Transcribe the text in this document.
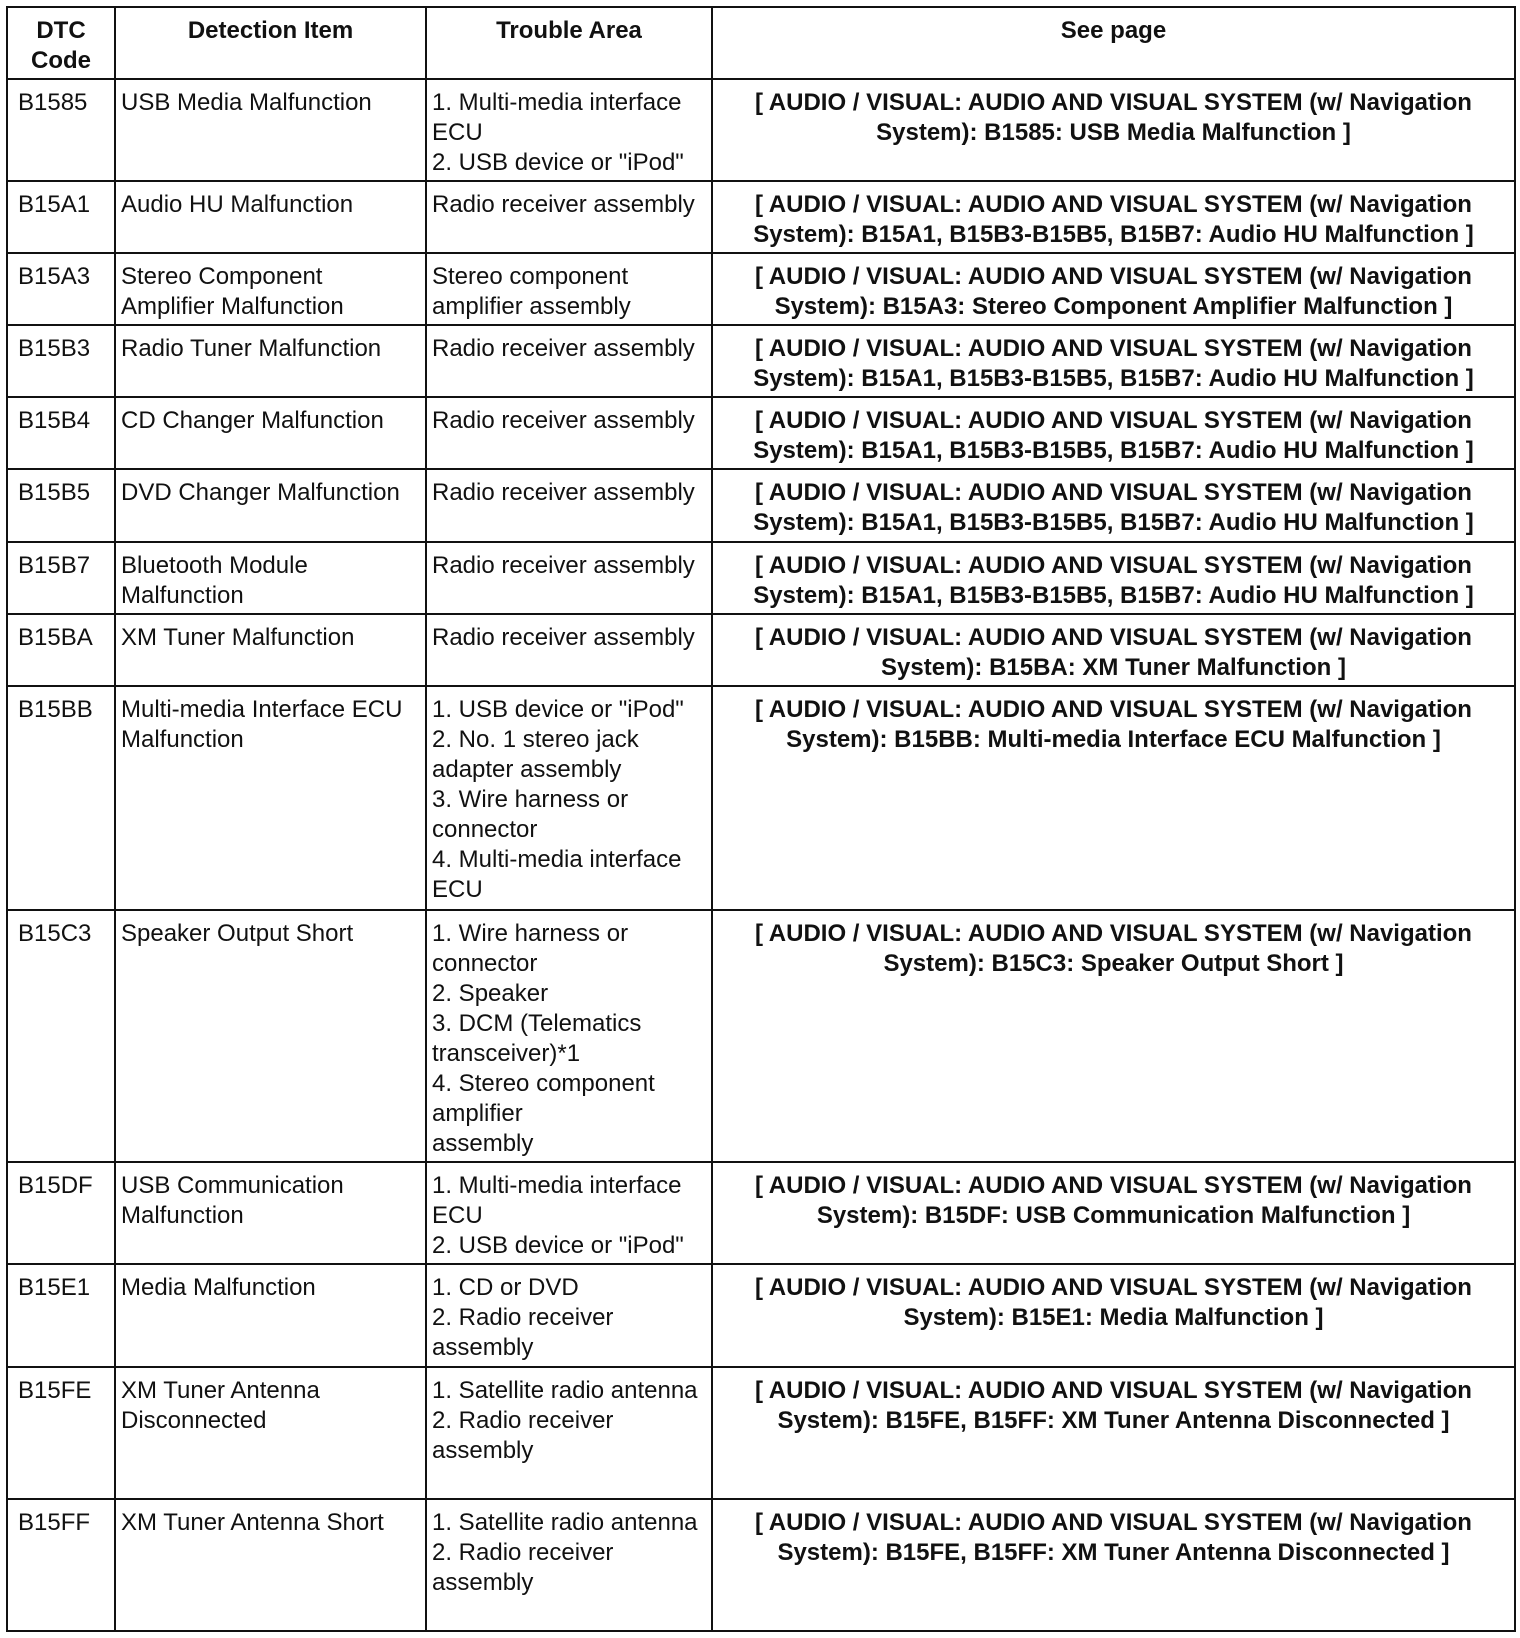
DTC Code	Detection Item	Trouble Area	See page
B1585	USB Media Malfunction	1. Multi-media interface ECU
2. USB device or "iPod"	[ AUDIO / VISUAL: AUDIO AND VISUAL SYSTEM (w/ Navigation System): B1585: USB Media Malfunction ]
B15A1	Audio HU Malfunction	Radio receiver assembly	[ AUDIO / VISUAL: AUDIO AND VISUAL SYSTEM (w/ Navigation System): B15A1, B15B3-B15B5, B15B7: Audio HU Malfunction ]
B15A3	Stereo Component Amplifier Malfunction	Stereo component amplifier assembly	[ AUDIO / VISUAL: AUDIO AND VISUAL SYSTEM (w/ Navigation System): B15A3: Stereo Component Amplifier Malfunction ]
B15B3	Radio Tuner Malfunction	Radio receiver assembly	[ AUDIO / VISUAL: AUDIO AND VISUAL SYSTEM (w/ Navigation System): B15A1, B15B3-B15B5, B15B7: Audio HU Malfunction ]
B15B4	CD Changer Malfunction	Radio receiver assembly	[ AUDIO / VISUAL: AUDIO AND VISUAL SYSTEM (w/ Navigation System): B15A1, B15B3-B15B5, B15B7: Audio HU Malfunction ]
B15B5	DVD Changer Malfunction	Radio receiver assembly	[ AUDIO / VISUAL: AUDIO AND VISUAL SYSTEM (w/ Navigation System): B15A1, B15B3-B15B5, B15B7: Audio HU Malfunction ]
B15B7	Bluetooth Module Malfunction	Radio receiver assembly	[ AUDIO / VISUAL: AUDIO AND VISUAL SYSTEM (w/ Navigation System): B15A1, B15B3-B15B5, B15B7: Audio HU Malfunction ]
B15BA	XM Tuner Malfunction	Radio receiver assembly	[ AUDIO / VISUAL: AUDIO AND VISUAL SYSTEM (w/ Navigation System): B15BA: XM Tuner Malfunction ]
B15BB	Multi-media Interface ECU Malfunction	1. USB device or "iPod"
2. No. 1 stereo jack adapter assembly
3. Wire harness or connector
4. Multi-media interface ECU	[ AUDIO / VISUAL: AUDIO AND VISUAL SYSTEM (w/ Navigation System): B15BB: Multi-media Interface ECU Malfunction ]
B15C3	Speaker Output Short	1. Wire harness or connector
2. Speaker
3. DCM (Telematics transceiver)*1
4. Stereo component amplifier
assembly	[ AUDIO / VISUAL: AUDIO AND VISUAL SYSTEM (w/ Navigation System): B15C3: Speaker Output Short ]
B15DF	USB Communication Malfunction	1. Multi-media interface ECU
2. USB device or "iPod"	[ AUDIO / VISUAL: AUDIO AND VISUAL SYSTEM (w/ Navigation System): B15DF: USB Communication Malfunction ]
B15E1	Media Malfunction	1. CD or DVD
2. Radio receiver assembly	[ AUDIO / VISUAL: AUDIO AND VISUAL SYSTEM (w/ Navigation System): B15E1: Media Malfunction ]
B15FE	XM Tuner Antenna Disconnected	1. Satellite radio antenna
2. Radio receiver assembly	[ AUDIO / VISUAL: AUDIO AND VISUAL SYSTEM (w/ Navigation System): B15FE, B15FF: XM Tuner Antenna Disconnected ]
B15FF	XM Tuner Antenna Short	1. Satellite radio antenna
2. Radio receiver assembly	[ AUDIO / VISUAL: AUDIO AND VISUAL SYSTEM (w/ Navigation System): B15FE, B15FF: XM Tuner Antenna Disconnected ]
